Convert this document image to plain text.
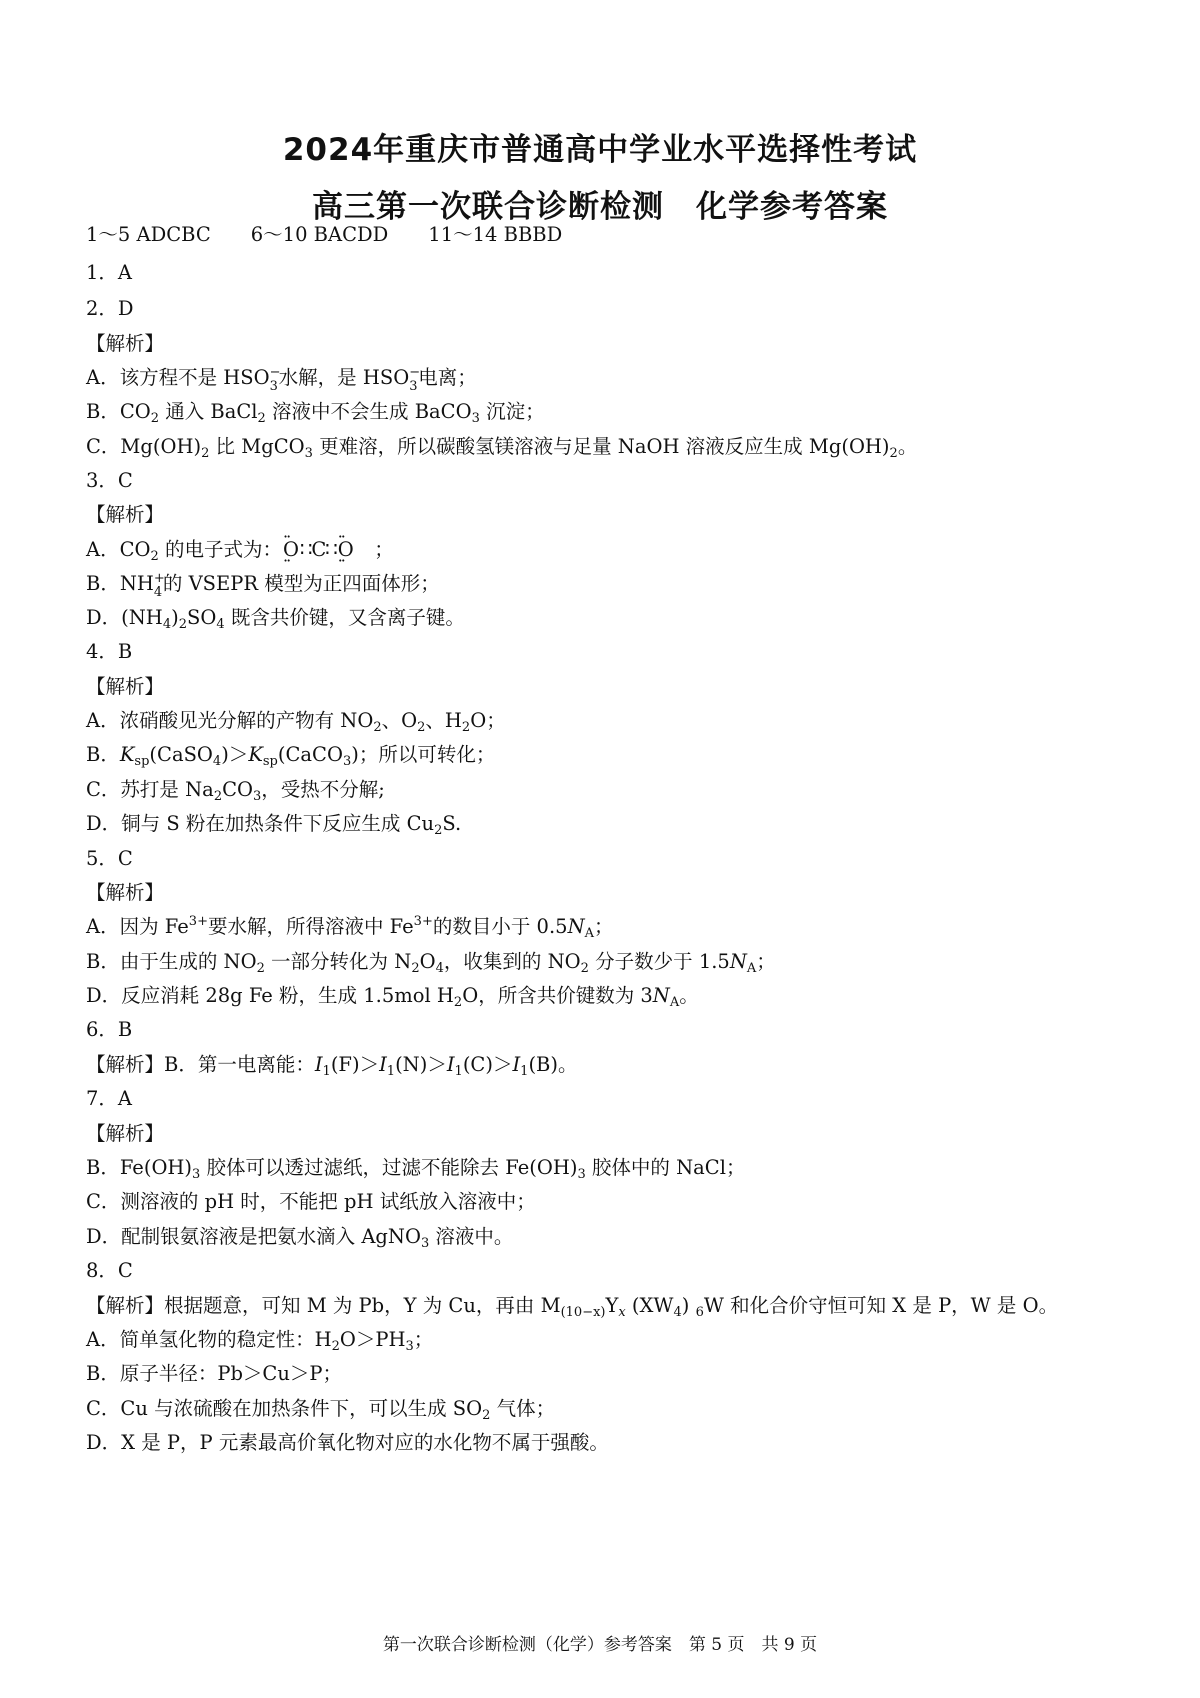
2024年重庆市普通高中学业水平选择性考试
高三第一次联合诊断检测　化学参考答案
1～5 ADCBC 6～10 BACDD 11～14 BBBD
1．A
2．D
【解析】
A．该方程不是 HSO −
3 水解，是 HSO −
3 电离；
B．$CO_2$ 通入 BaCl$_2$ 溶液中不会生成 BaCO$_3$ 沉淀；
C．$Mg(OH)_2$ 比 MgCO$_3$ 更难溶，所以碳酸氢镁溶液与足量 NaOH 溶液反应生成 $Mg(OH)_2$。
3．C
【解析】
A．$CO_2$ 的电子式为：·· O ··∷C∷·· O ··　；
B．NH +
4 的 VSEPR 模型为正四面体形；
D．$(NH_4)_2SO_4$ 既含共价键，又含离子键。
4．B
【解析】
A．浓硝酸见光分解的产物有 $NO_2$、$O_2$、$H_2O$；
B．$K_{sp}(CaSO_4)>K_{sp}(CaCO_3)$；所以可转化；
C．苏打是 $Na_2CO_3$，受热不分解;
D．铜与 S 粉在加热条件下反应生成 $Cu_2S$.
5．C
【解析】
A．因为 $Fe^{3+}$要水解，所得溶液中 $Fe^{3+}$的数目小于 $0.5N_A$；
B．由于生成的 $NO_2$ 一部分转化为 $N_2O_4$，收集到的 $NO_2$ 分子数少于 $1.5N_A$；
D．反应消耗 28g Fe 粉，生成 1.5mol $H_2O$，所含共价键数为 $3N_A$。
6．B
【解析】B．第一电离能：$I_1(F)>I_1(N)>I_1(C)>I_1(B)$。
7．A
【解析】
B．$Fe(OH)_3$ 胶体可以透过滤纸，过滤不能除去 $Fe(OH)_3$ 胶体中的 NaCl；
C．测溶液的 pH 时，不能把 pH 试纸放入溶液中；
D．配制银氨溶液是把氨水滴入 AgNO$_3$ 溶液中。
8．C
【解析】根据题意，可知 M 为 Pb，Y 为 Cu，再由 $M_{(10-x)}Y_x$ $(XW_4)$ $_6$W 和化合价守恒可知 X 是 P，W 是 O。
A．简单氢化物的稳定性：$H_2O>PH_3$；
B．原子半径：Pb＞Cu＞P；
C．Cu 与浓硫酸在加热条件下，可以生成 $SO_2$ 气体；
D．X 是 P，P 元素最高价氧化物对应的水化物不属于强酸。
第一次联合诊断检测（化学）参考答案　第 5 页　共 9 页
